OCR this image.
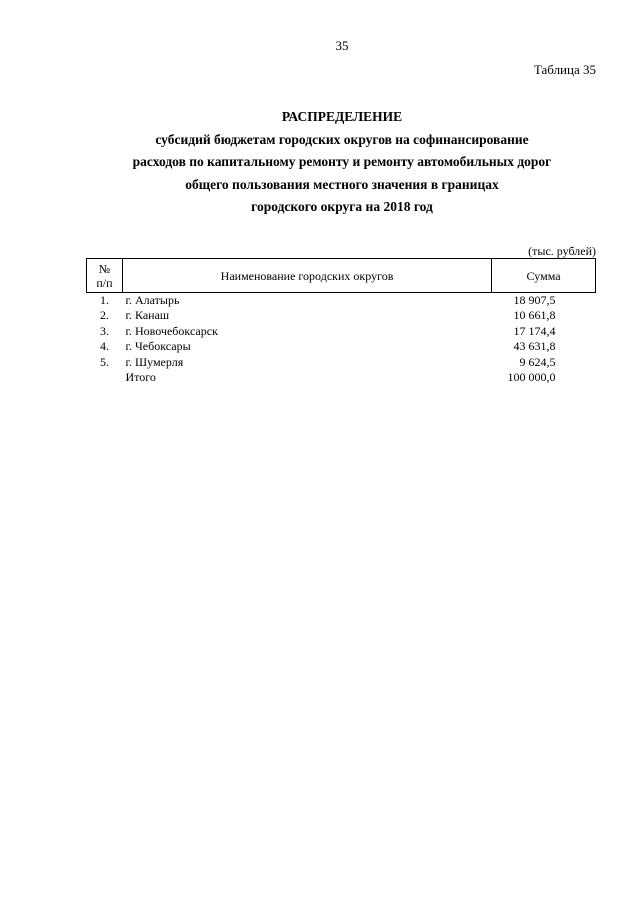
35
Таблица 35
РАСПРЕДЕЛЕНИЕ
субсидий бюджетам городских округов на софинансирование
расходов по капитальному ремонту и ремонту автомобильных дорог
общего пользования местного значения в границах
городского округа на 2018 год
(тыс. рублей)
№
п/п	Наименование городских округов	Сумма
1.	г. Алатырь	18 907,5
2.	г. Канаш	10 661,8
3.	г. Новочебоксарск	17 174,4
4.	г. Чебоксары	43 631,8
5.	г. Шумерля	9 624,5
	Итого	100 000,0
